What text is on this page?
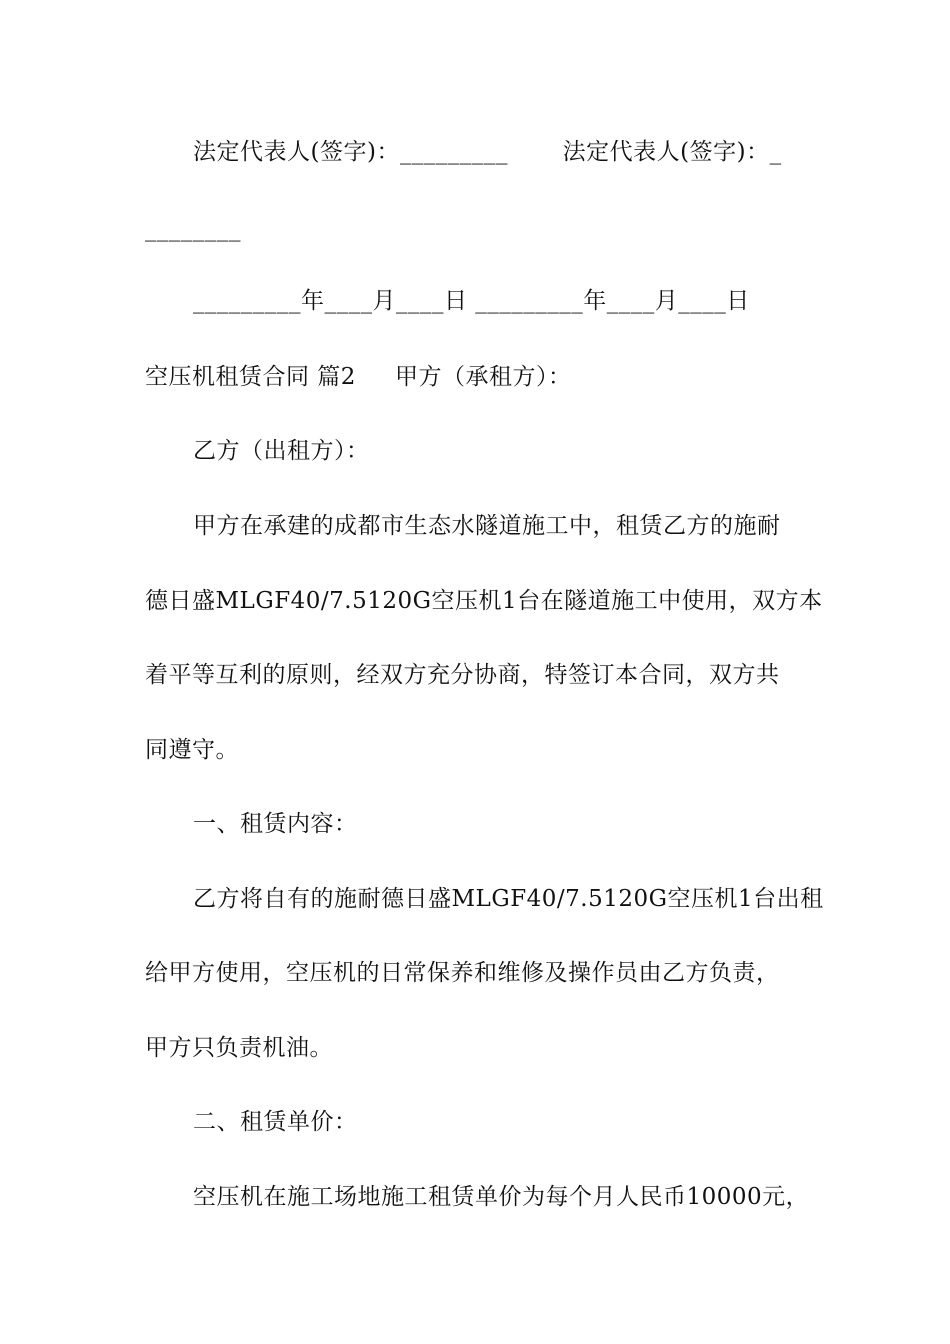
法定代表人(签字)：_________       法定代表人(签字)：_
________
_________年____月____日 _________年____月____日
空压机租赁合同 篇2     甲方（承租方）：
乙方（出租方）：
甲方在承建的成都市生态水隧道施工中，租赁乙方的施耐
德日盛MLGF40/7.5120G空压机1台在隧道施工中使用，双方本
着平等互利的原则，经双方充分协商，特签订本合同，双方共
同遵守。
一、租赁内容：
乙方将自有的施耐德日盛MLGF40/7.5120G空压机1台出租
给甲方使用，空压机的日常保养和维修及操作员由乙方负责，
甲方只负责机油。
二、租赁单价：
空压机在施工场地施工租赁单价为每个月人民币10000元，
